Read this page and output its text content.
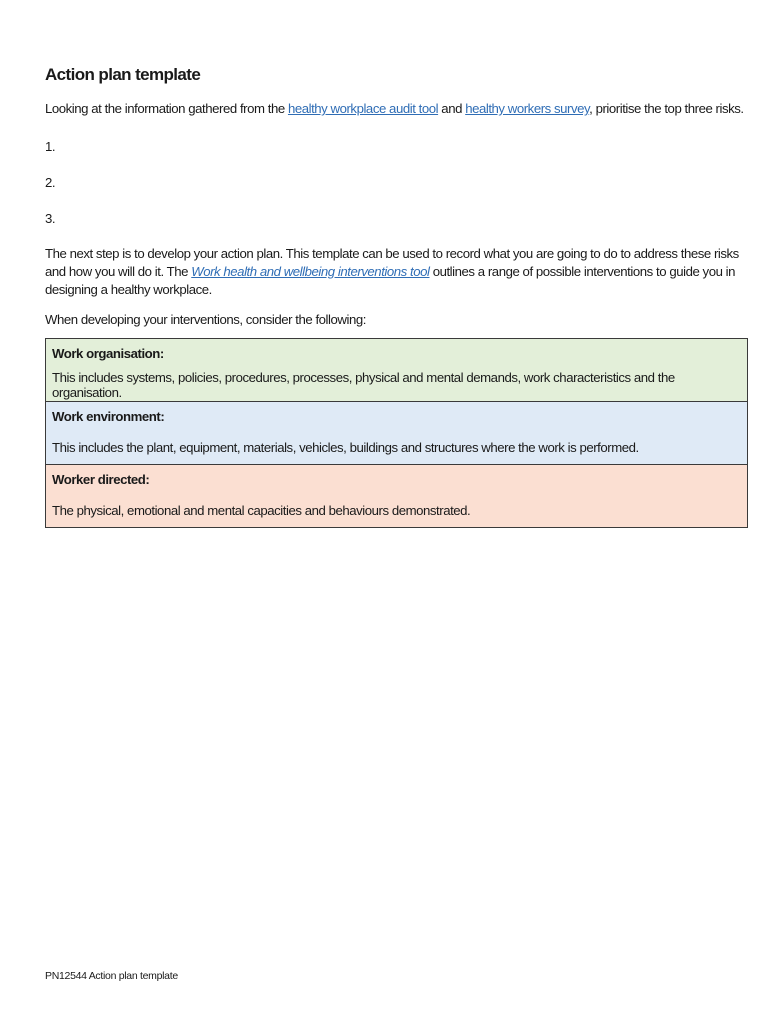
Action plan template

Looking at the information gathered from the healthy workplace audit tool and healthy workers survey, prioritise the top three risks.

1.

2.

3.

The next step is to develop your action plan. This template can be used to record what you are going to do to address these risks and how you will do it. The Work health and wellbeing interventions tool outlines a range of possible interventions to guide you in designing a healthy workplace.

When developing your interventions, consider the following:

Work organisation:
This includes systems, policies, procedures, processes, physical and mental demands, work characteristics and the organisation.
Work environment:
This includes the plant, equipment, materials, vehicles, buildings and structures where the work is performed.
Worker directed:
The physical, emotional and mental capacities and behaviours demonstrated.
PN12544 Action plan template
